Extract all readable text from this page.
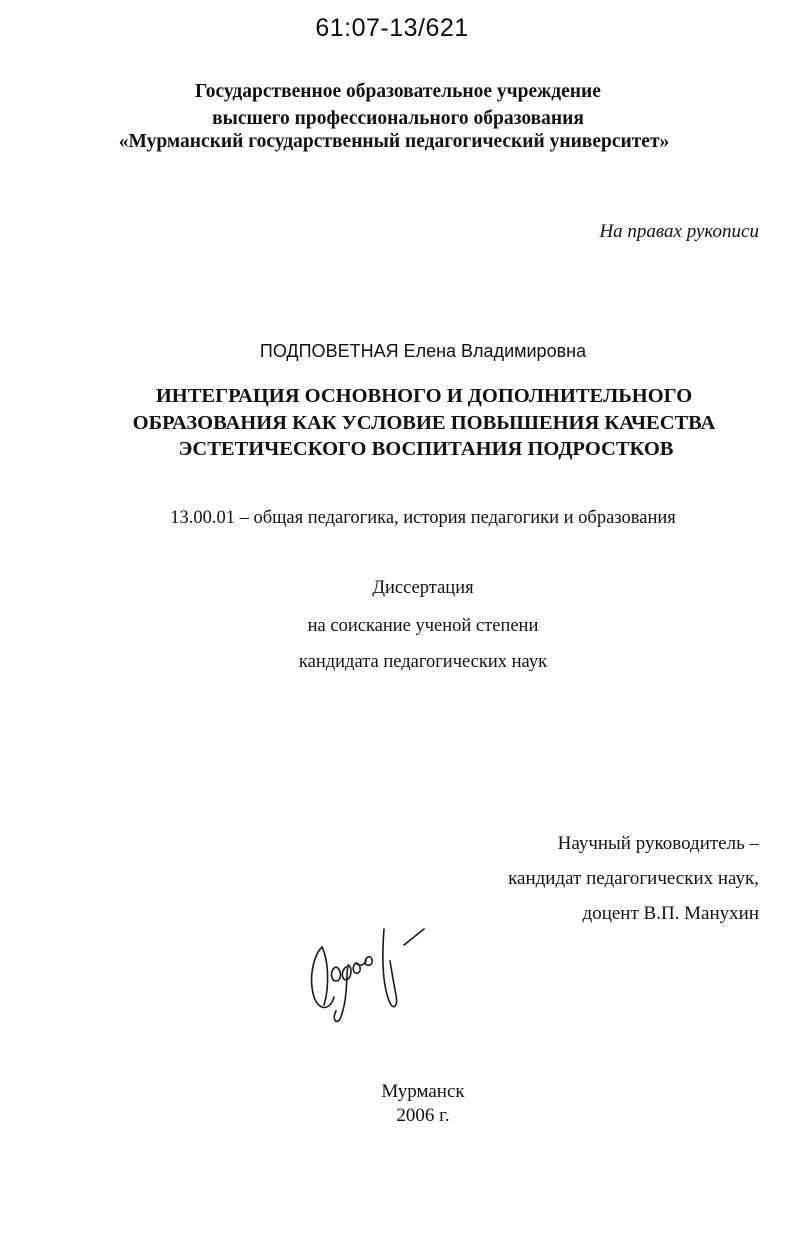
61:07-13/621
Государственное образовательное учреждение
высшего профессионального образования
«Мурманский государственный педагогический университет»
На правах рукописи
ПОДПОВЕТНАЯ Елена Владимировна
ИНТЕГРАЦИЯ ОСНОВНОГО И ДОПОЛНИТЕЛЬНОГО
ОБРАЗОВАНИЯ КАК УСЛОВИЕ ПОВЫШЕНИЯ КАЧЕСТВА
ЭСТЕТИЧЕСКОГО ВОСПИТАНИЯ ПОДРОСТКОВ
13.00.01 – общая педагогика, история педагогики и образования
Диссертация
на соискание ученой степени
кандидата педагогических наук
Научный руководитель –
кандидат педагогических наук,
доцент В.П. Манухин
Мурманск
2006 г.
